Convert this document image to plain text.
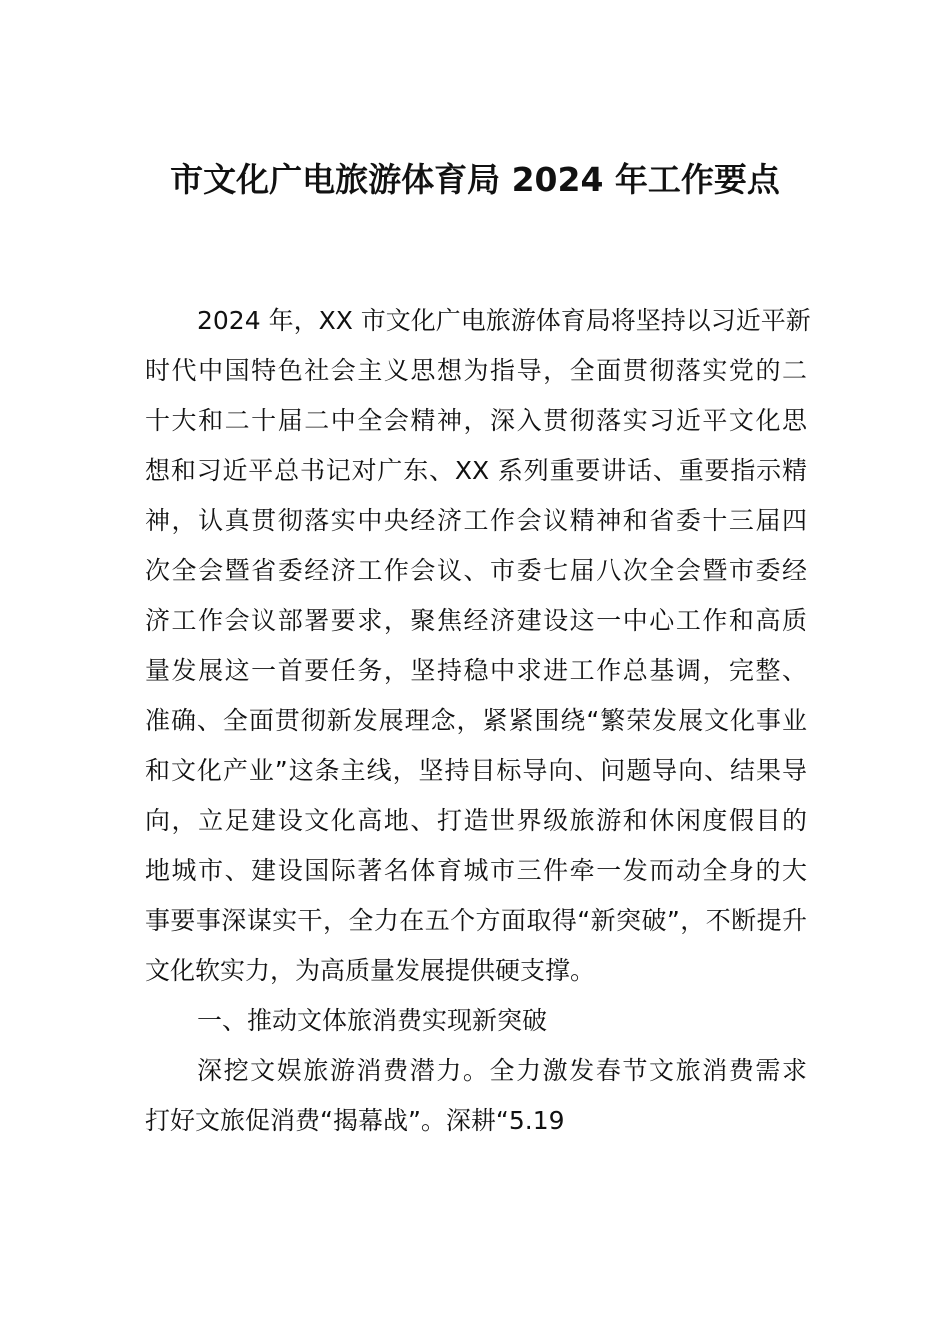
市文化广电旅游体育局 2024 年工作要点
2024 年，XX 市文化广电旅游体育局将坚持以习近平新
时代中国特色社会主义思想为指导，全面贯彻落实党的二
十大和二十届二中全会精神，深入贯彻落实习近平文化思
想和习近平总书记对广东、XX 系列重要讲话、重要指示精
神，认真贯彻落实中央经济工作会议精神和省委十三届四
次全会暨省委经济工作会议、市委七届八次全会暨市委经
济工作会议部署要求，聚焦经济建设这一中心工作和高质
量发展这一首要任务，坚持稳中求进工作总基调，完整、
准确、全面贯彻新发展理念，紧紧围绕“繁荣发展文化事业
和文化产业”这条主线，坚持目标导向、问题导向、结果导
向，立足建设文化高地、打造世界级旅游和休闲度假目的
地城市、建设国际著名体育城市三件牵一发而动全身的大
事要事深谋实干，全力在五个方面取得“新突破”，不断提升
文化软实力，为高质量发展提供硬支撑。
一、推动文体旅消费实现新突破
深挖文娱旅游消费潜力。全力激发春节文旅消费需求
打好文旅促消费“揭幕战”。深耕“5.19
